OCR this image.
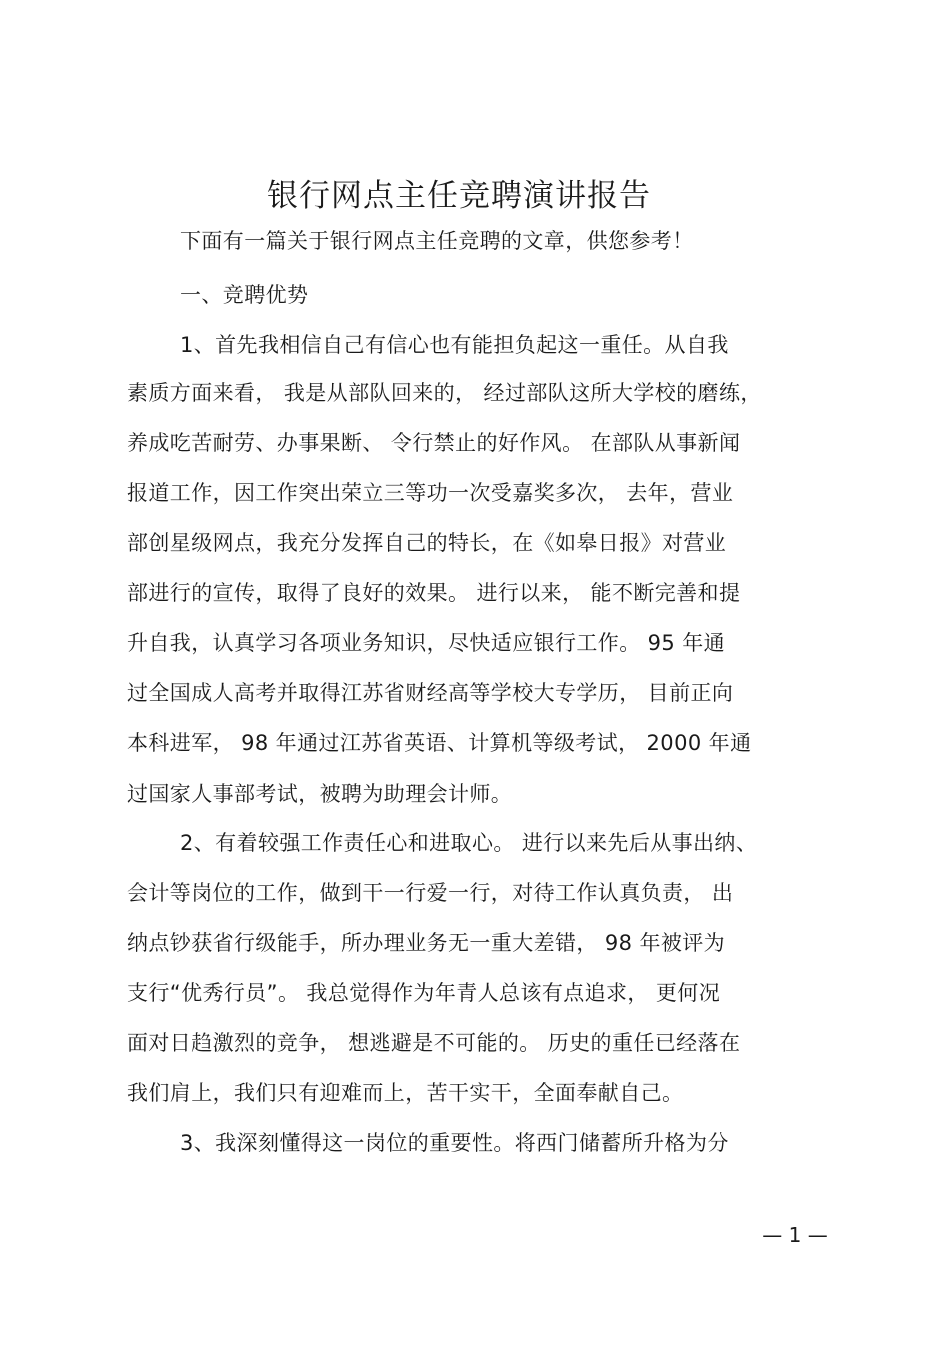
银行网点主任竞聘演讲报告
下面有一篇关于银行网点主任竞聘的文章，供您参考！
一、竞聘优势
1、首先我相信自己有信心也有能担负起这一重任。从自我
素质方面来看， 我是从部队回来的， 经过部队这所大学校的磨练，
养成吃苦耐劳、办事果断、 令行禁止的好作风。 在部队从事新闻
报道工作，因工作突出荣立三等功一次受嘉奖多次， 去年，营业
部创星级网点，我充分发挥自己的特长，在《如皋日报》对营业
部进行的宣传，取得了良好的效果。 进行以来， 能不断完善和提
升自我，认真学习各项业务知识，尽快适应银行工作。 95 年通
过全国成人高考并取得江苏省财经高等学校大专学历， 目前正向
本科进军， 98 年通过江苏省英语、计算机等级考试， 2000 年通
过国家人事部考试，被聘为助理会计师。
2、有着较强工作责任心和进取心。 进行以来先后从事出纳、
会计等岗位的工作，做到干一行爱一行，对待工作认真负责， 出
纳点钞获省行级能手，所办理业务无一重大差错， 98 年被评为
支行“优秀行员”。 我总觉得作为年青人总该有点追求， 更何况
面对日趋激烈的竞争， 想逃避是不可能的。 历史的重任已经落在
我们肩上，我们只有迎难而上，苦干实干，全面奉献自己。
3、我深刻懂得这一岗位的重要性。将西门储蓄所升格为分
— 1 —
